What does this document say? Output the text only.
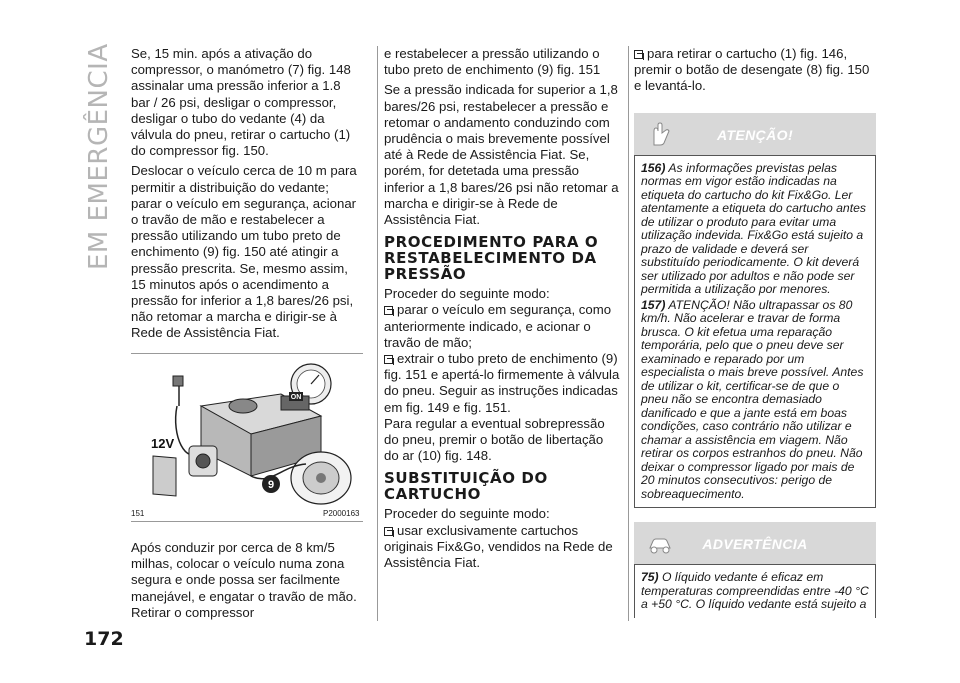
EM EMERGÊNCIA
172

Se, 15 min. após a ativação do compressor, o manómetro (7) fig. 148 assinalar uma pressão inferior a 1.8 bar / 26 psi, desligar o compressor, desligar o tubo do vedante (4) da válvula do pneu, retirar o cartucho (1) do compressor fig. 150.

Deslocar o veículo cerca de 10 m para permitir a distribuição do vedante; parar o veículo em segurança, acionar o travão de mão e restabelecer a pressão utilizando um tubo preto de enchimento (9) fig. 150 até atingir a pressão prescrita. Se, mesmo assim, 15 minutos após o acendimento a pressão for inferior a 1,8 bares/26 psi, não retomar a marcha e dirigir-se à Rede de Assistência Fiat.

ON
12V
9
151	P2000163

Após conduzir por cerca de 8 km/5 milhas, colocar o veículo numa zona segura e onde possa ser facilmente manejável, e engatar o travão de mão. Retirar o compressor

e restabelecer a pressão utilizando o tubo preto de enchimento (9) fig. 151

Se a pressão indicada for superior a 1,8 bares/26 psi, restabelecer a pressão e retomar o andamento conduzindo com prudência o mais brevemente possível até à Rede de Assistência Fiat. Se, porém, for detetada uma pressão inferior a 1,8 bares/26 psi não retomar a marcha e dirigir-se à Rede de Assistência Fiat.

PROCEDIMENTO PARA O RESTABELECIMENTO DA PRESSÃO

Proceder do seguinte modo:

parar o veículo em segurança, como anteriormente indicado, e acionar o travão de mão;

extrair o tubo preto de enchimento (9) fig. 151 e apertá-lo firmemente à válvula do pneu. Seguir as instruções indicadas em fig. 149 e fig. 151.

Para regular a eventual sobrepressão do pneu, premir o botão de libertação do ar (10) fig. 148.

SUBSTITUIÇÃO DO CARTUCHO

Proceder do seguinte modo:

usar exclusivamente cartuchos originais Fix&Go, vendidos na Rede de Assistência Fiat.

para retirar o cartucho (1) fig. 146, premir o botão de desengate (8) fig. 150 e levantá-lo.

ATENÇÃO!

156) As informações previstas pelas normas em vigor estão indicadas na etiqueta do cartucho do kit Fix&Go. Ler atentamente a etiqueta do cartucho antes de utilizar o produto para evitar uma utilização indevida. Fix&Go está sujeito a prazo de validade e deverá ser substituído periodicamente. O kit deverá ser utilizado por adultos e não pode ser permitida a utilização por menores.

157) ATENÇÃO! Não ultrapassar os 80 km/h. Não acelerar e travar de forma brusca. O kit efetua uma reparação temporária, pelo que o pneu deve ser examinado e reparado por um especialista o mais breve possível. Antes de utilizar o kit, certificar-se de que o pneu não se encontra demasiado danificado e que a jante está em boas condições, caso contrário não utilizar e chamar a assistência em viagem. Não retirar os corpos estranhos do pneu. Não deixar o compressor ligado por mais de 20 minutos consecutivos: perigo de sobreaquecimento.

ADVERTÊNCIA

75) O líquido vedante é eficaz em temperaturas compreendidas entre -40 °C a +50 °C. O líquido vedante está sujeito a
